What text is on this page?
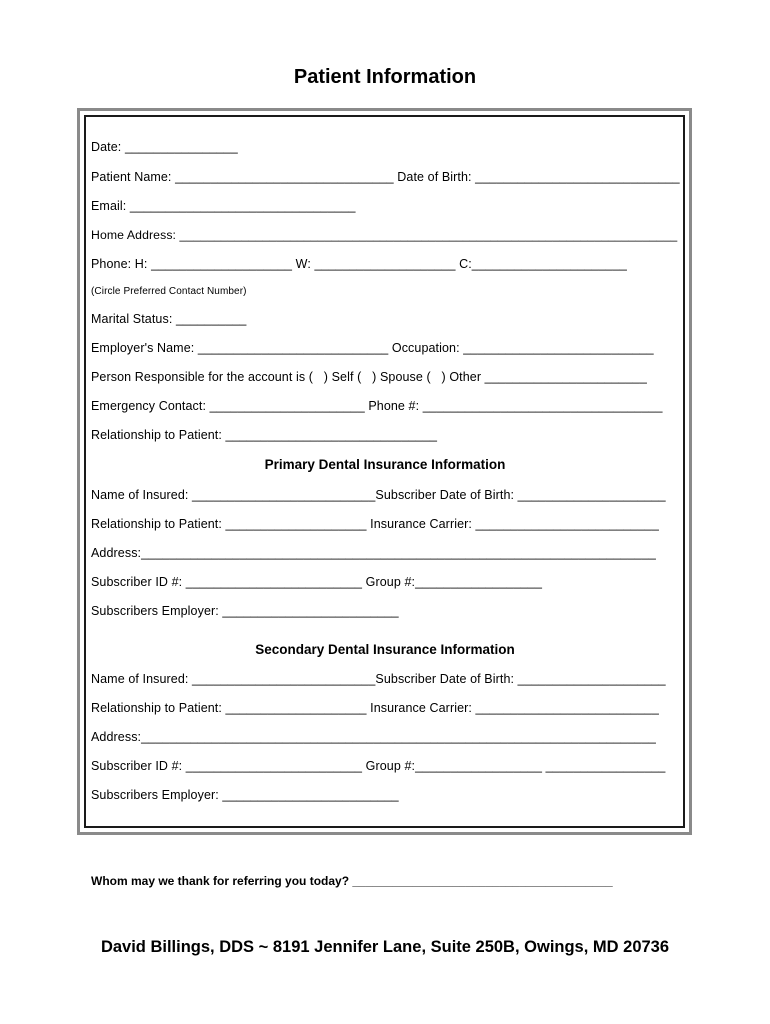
Patient Information
Date: ________________
Patient Name: _______________________________ Date of Birth: _____________________________
Email: ________________________________
Home Address: ________________________________________________________________________
Phone: H: ____________________ W: ____________________ C:______________________
(Circle Preferred Contact Number)
Marital Status: __________
Employer's Name: ___________________________ Occupation: ___________________________
Person Responsible for the account is (   ) Self (   ) Spouse (   ) Other _______________________
Emergency Contact: ______________________ Phone #: __________________________________
Relationship to Patient: ______________________________
Primary Dental Insurance Information
Name of Insured: __________________________Subscriber Date of Birth: _____________________
Relationship to Patient: ____________________ Insurance Carrier: __________________________
Address:_________________________________________________________________________
Subscriber ID #: _________________________ Group #:__________________
Subscribers Employer: _________________________
Secondary Dental Insurance Information
Name of Insured: __________________________Subscriber Date of Birth: _____________________
Relationship to Patient: ____________________ Insurance Carrier: __________________________
Address:_________________________________________________________________________
Subscriber ID #: _________________________ Group #:__________________ _________________
Subscribers Employer: _________________________
Whom may we thank for referring you today? _______________________________________
David Billings, DDS ~ 8191 Jennifer Lane, Suite 250B, Owings, MD 20736
